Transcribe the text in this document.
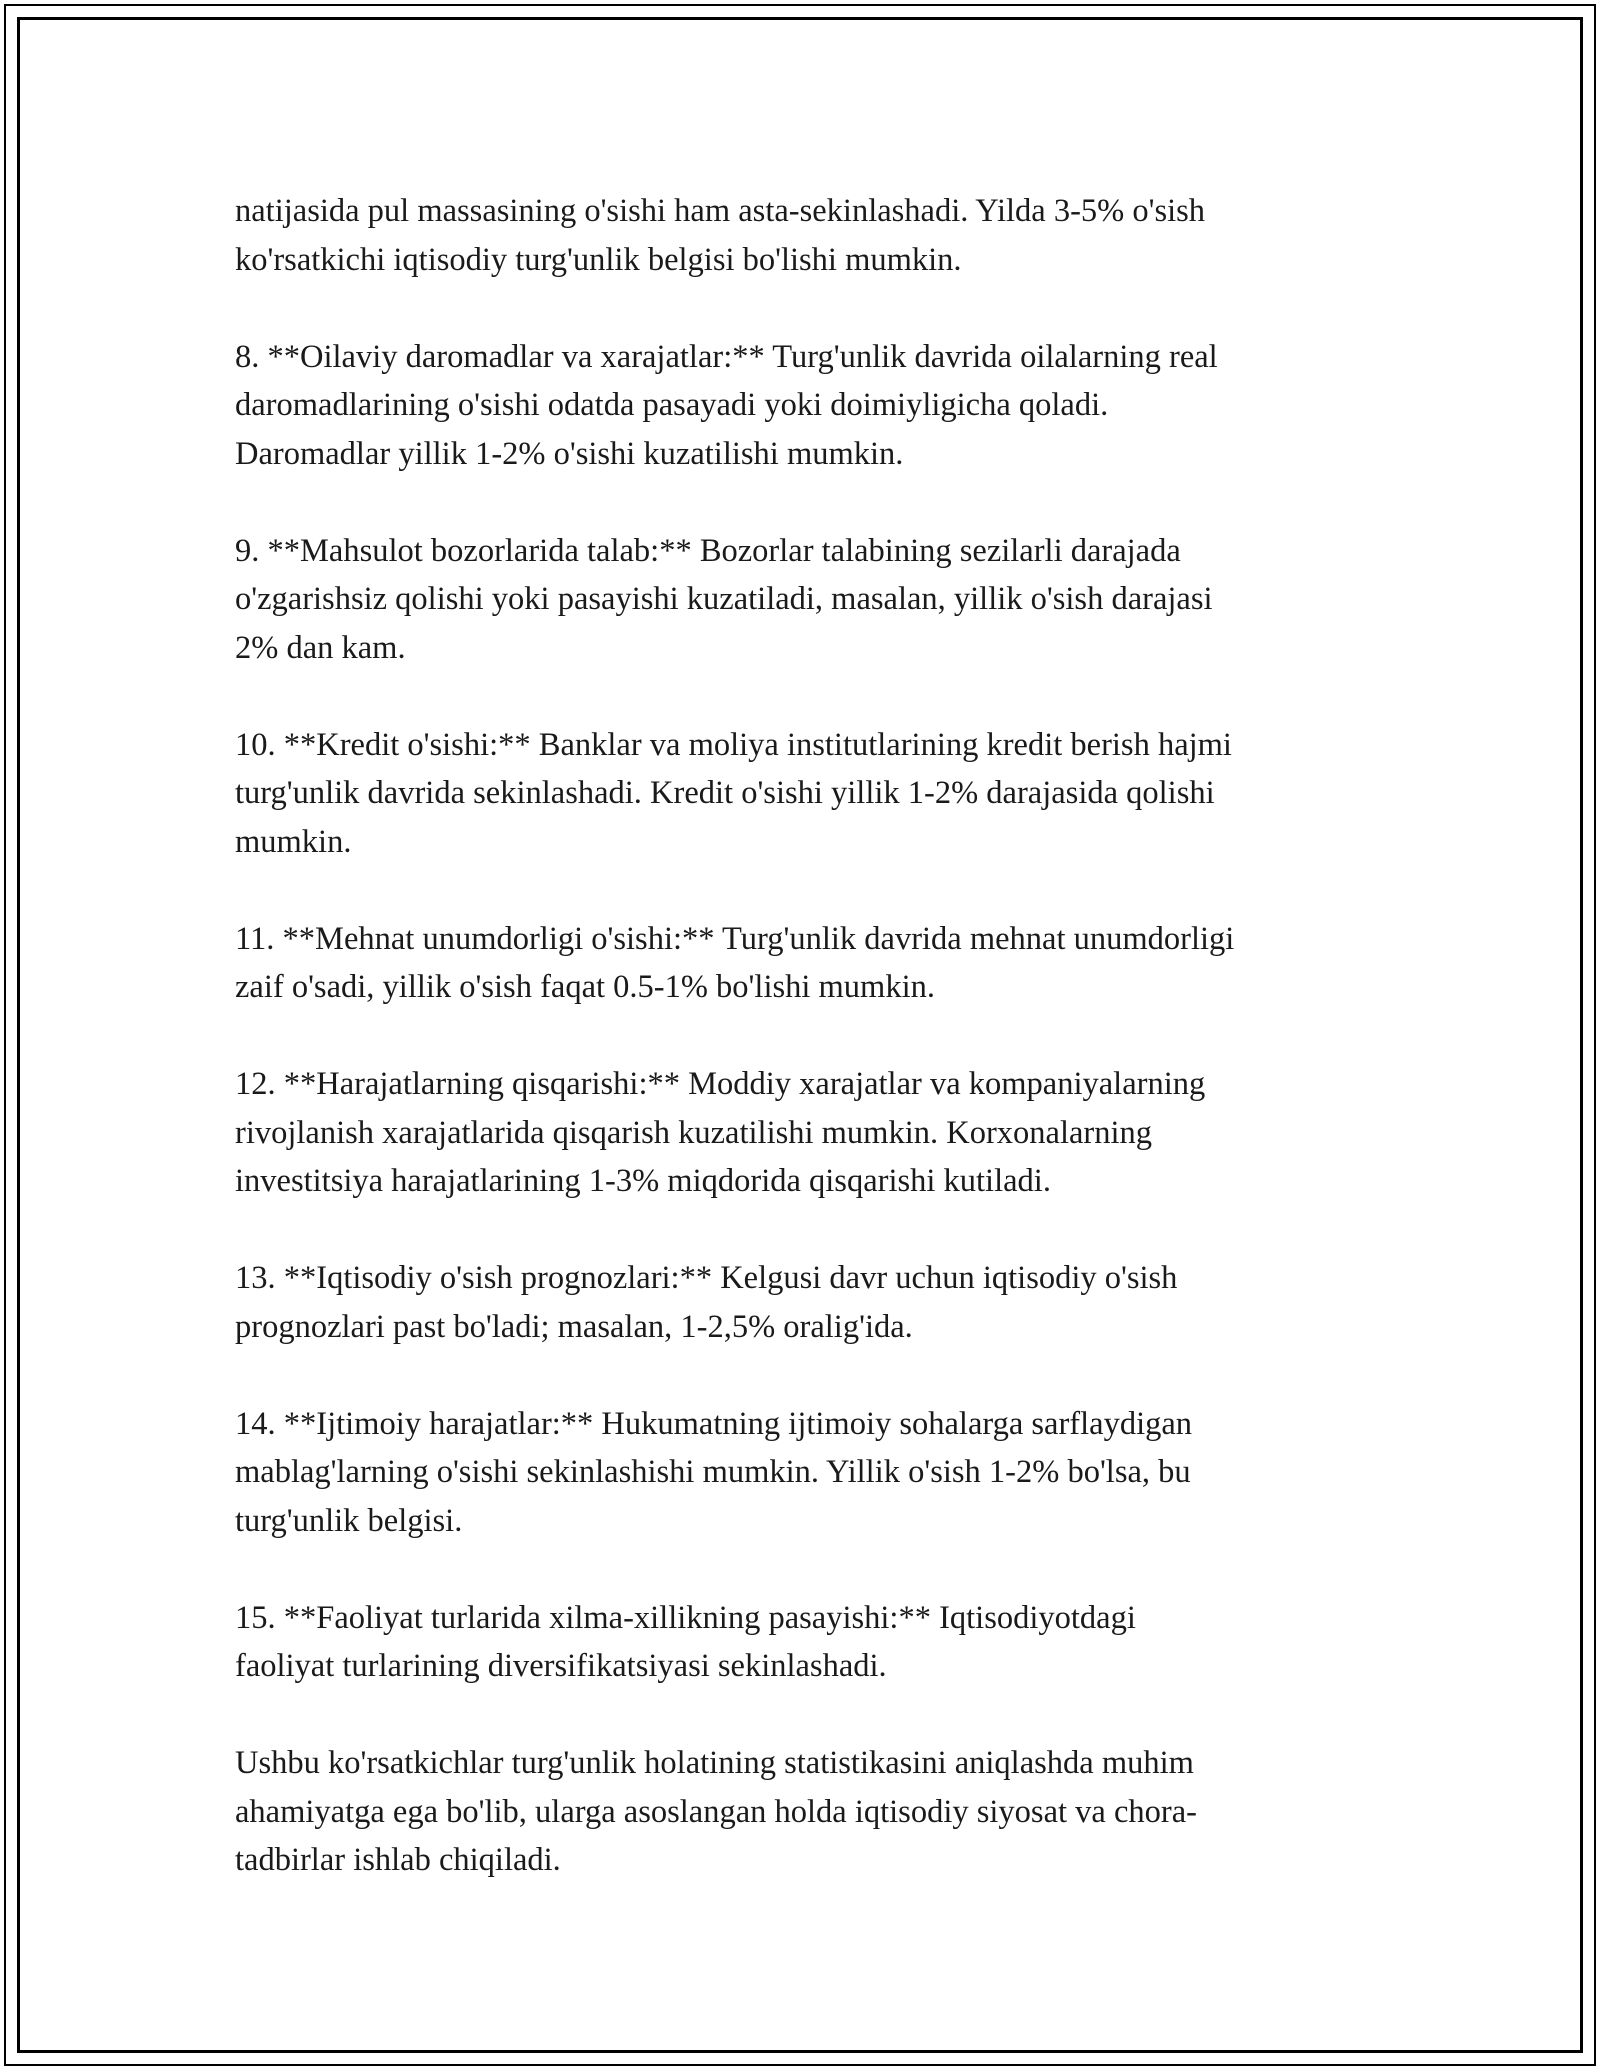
natijasida pul massasining o'sishi ham asta-sekinlashadi. Yilda 3-5% o'sish
ko'rsatkichi iqtisodiy turg'unlik belgisi bo'lishi mumkin.

8. **Oilaviy daromadlar va xarajatlar:** Turg'unlik davrida oilalarning real
daromadlarining o'sishi odatda pasayadi yoki doimiyligicha qoladi.
Daromadlar yillik 1-2% o'sishi kuzatilishi mumkin.

9. **Mahsulot bozorlarida talab:** Bozorlar talabining sezilarli darajada
o'zgarishsiz qolishi yoki pasayishi kuzatiladi, masalan, yillik o'sish darajasi
2% dan kam.

10. **Kredit o'sishi:** Banklar va moliya institutlarining kredit berish hajmi
turg'unlik davrida sekinlashadi. Kredit o'sishi yillik 1-2% darajasida qolishi
mumkin.

11. **Mehnat unumdorligi o'sishi:** Turg'unlik davrida mehnat unumdorligi
zaif o'sadi, yillik o'sish faqat 0.5-1% bo'lishi mumkin.

12. **Harajatlarning qisqarishi:** Moddiy xarajatlar va kompaniyalarning
rivojlanish xarajatlarida qisqarish kuzatilishi mumkin. Korxonalarning
investitsiya harajatlarining 1-3% miqdorida qisqarishi kutiladi.

13. **Iqtisodiy o'sish prognozlari:** Kelgusi davr uchun iqtisodiy o'sish
prognozlari past bo'ladi; masalan, 1-2,5% oralig'ida.

14. **Ijtimoiy harajatlar:** Hukumatning ijtimoiy sohalarga sarflaydigan
mablag'larning o'sishi sekinlashishi mumkin. Yillik o'sish 1-2% bo'lsa, bu
turg'unlik belgisi.

15. **Faoliyat turlarida xilma-xillikning pasayishi:** Iqtisodiyotdagi
faoliyat turlarining diversifikatsiyasi sekinlashadi.

Ushbu ko'rsatkichlar turg'unlik holatining statistikasini aniqlashda muhim
ahamiyatga ega bo'lib, ularga asoslangan holda iqtisodiy siyosat va chora-
tadbirlar ishlab chiqiladi.
